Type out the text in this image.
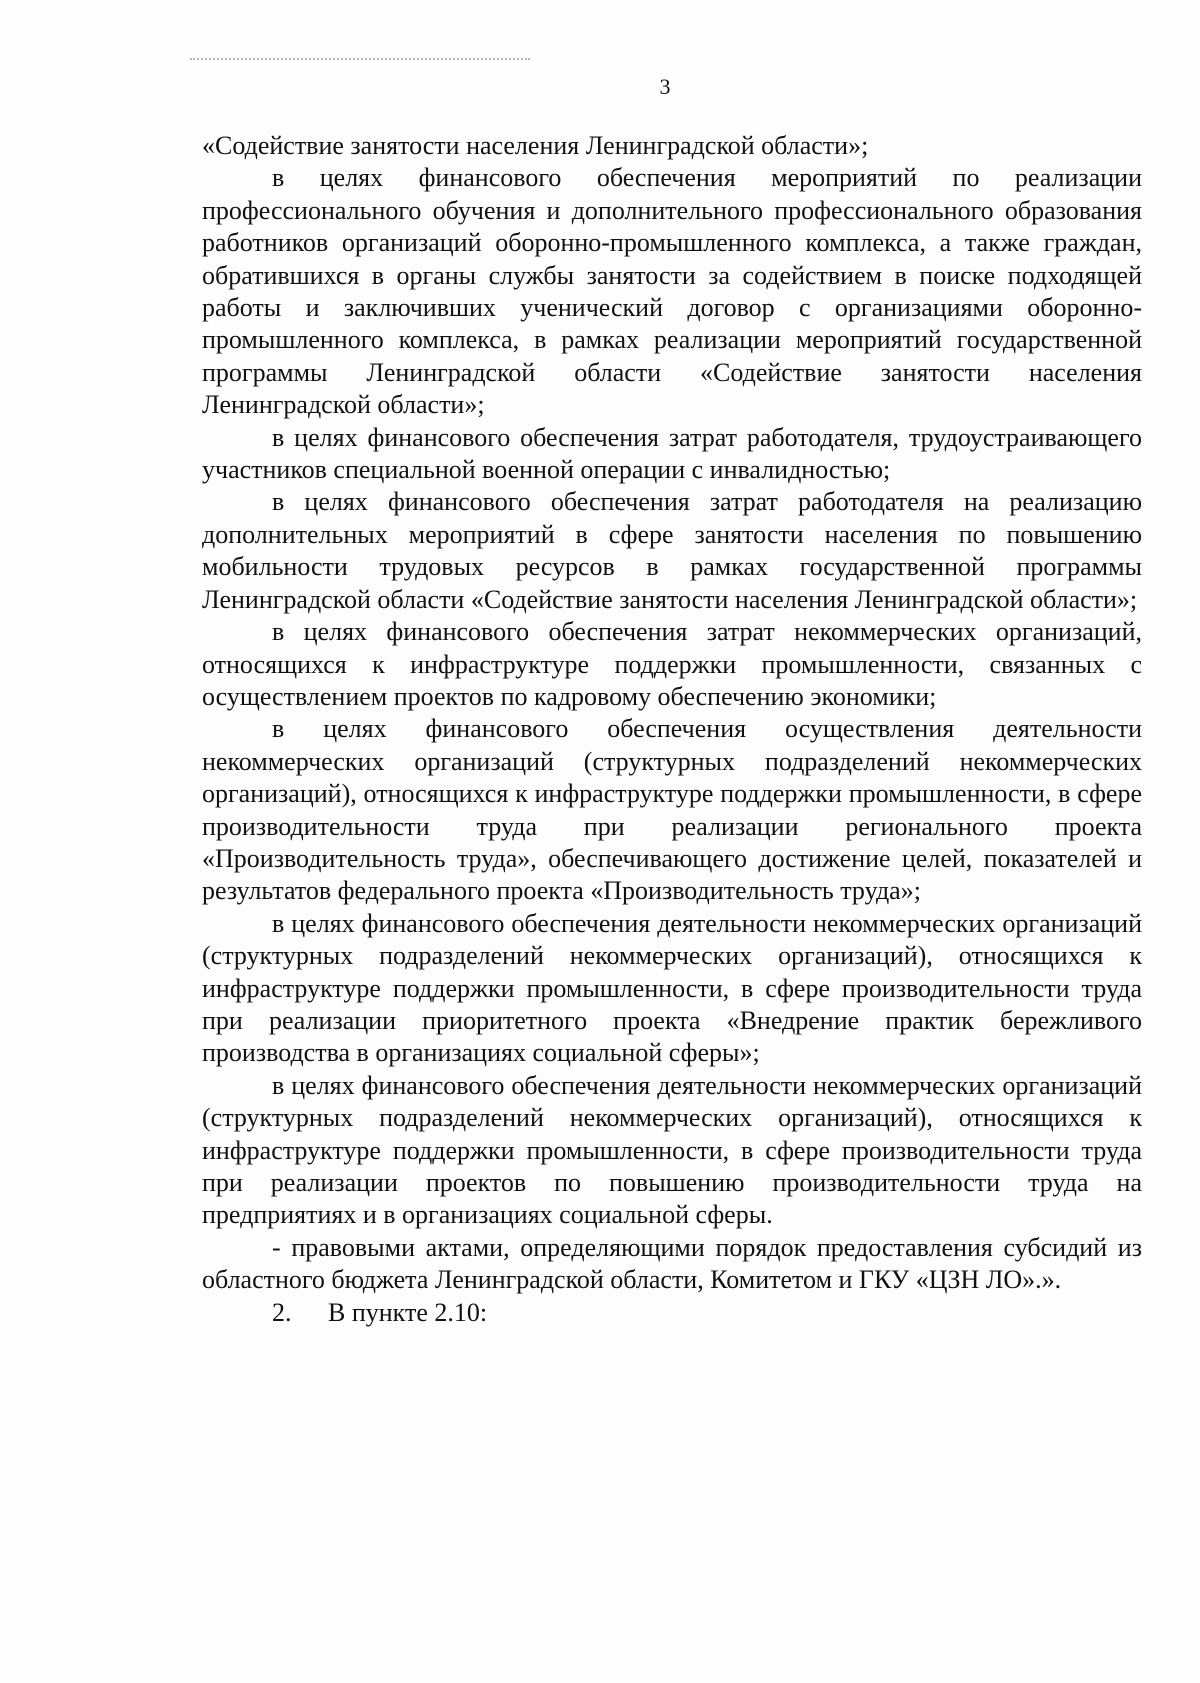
3

«Содействие занятости населения Ленинградской области»;

в целях финансового обеспечения мероприятий по реализации профессионального обучения и дополнительного профессионального образования работников организаций оборонно-промышленного комплекса, а также граждан, обратившихся в органы службы занятости за содействием в поиске подходящей работы и заключивших ученический договор с организациями оборонно-промышленного комплекса, в рамках реализации мероприятий государственной программы Ленинградской области «Содействие занятости населения Ленинградской области»;

в целях финансового обеспечения затрат работодателя, трудоустраивающего участников специальной военной операции с инвалидностью;

в целях финансового обеспечения затрат работодателя на реализацию дополнительных мероприятий в сфере занятости населения по повышению мобильности трудовых ресурсов в рамках государственной программы Ленинградской области «Содействие занятости населения Ленинградской области»;

в целях финансового обеспечения затрат некоммерческих организаций, относящихся к инфраструктуре поддержки промышленности, связанных с осуществлением проектов по кадровому обеспечению экономики;

в целях финансового обеспечения осуществления деятельности некоммерческих организаций (структурных подразделений некоммерческих организаций), относящихся к инфраструктуре поддержки промышленности, в сфере производительности труда при реализации регионального проекта «Производительность труда», обеспечивающего достижение целей, показателей и результатов федерального проекта «Производительность труда»;

в целях финансового обеспечения деятельности некоммерческих организаций (структурных подразделений некоммерческих организаций), относящихся к инфраструктуре поддержки промышленности, в сфере производительности труда при реализации приоритетного проекта «Внедрение практик бережливого производства в организациях социальной сферы»;

в целях финансового обеспечения деятельности некоммерческих организаций (структурных подразделений некоммерческих организаций), относящихся к инфраструктуре поддержки промышленности, в сфере производительности труда при реализации проектов по повышению производительности труда на предприятиях и в организациях социальной сферы.

- правовыми актами, определяющими порядок предоставления субсидий из областного бюджета Ленинградской области, Комитетом и ГКУ «ЦЗН ЛО».».

2. В пункте 2.10:
